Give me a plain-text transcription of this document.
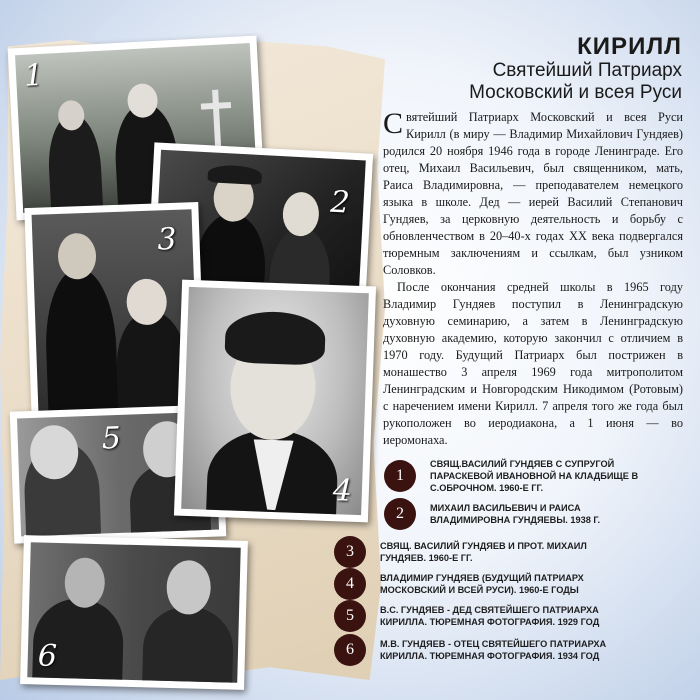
1
2
3
5
6
4
КИРИЛЛ
Святейший Патриарх
Московский и всея Руси

Святейший Патриарх Московский и всея Руси Кирилл (в миру — Владимир Михайлович Гундяев) родился 20 ноября 1946 года в городе Ленинграде. Его отец, Михаил Васильевич, был священником, мать, Раиса Владимировна, — преподавателем немецкого языка в школе. Дед — иерей Василий Степанович Гундяев, за церковную деятельность и борьбу с обновленчеством в 20–40-х годах XX века подвергался тюремным заключениям и ссылкам, был узником Соловков.

После окончания средней школы в 1965 году Владимир Гундяев поступил в Ленинградскую духовную семинарию, а затем в Ленинградскую духовную академию, которую закончил с отличием в 1970 году. Будущий Патриарх был пострижен в монашество 3 апреля 1969 года митрополитом Ленинградским и Новгородским Никодимом (Ротовым) с наречением имени Кирилл. 7 апреля того же года был рукоположен во иеродиакона, а 1 июня — во иеромонаха.

1
СВЯЩ.ВАСИЛИЙ ГУНДЯЕВ С СУПРУГОЙ ПАРАСКЕВОЙ ИВАНОВНОЙ НА КЛАДБИЩЕ В С.ОБРОЧНОМ. 1960-Е ГГ.
2	МИХАИЛ ВАСИЛЬЕВИЧ И РАИСА ВЛАДИМИРОВНА ГУНДЯЕВЫ. 1938 Г.
3	СВЯЩ. ВАСИЛИЙ ГУНДЯЕВ И ПРОТ. МИХАИЛ ГУНДЯЕВ. 1960-Е ГГ.
4	ВЛАДИМИР ГУНДЯЕВ (БУДУЩИЙ ПАТРИАРХ МОСКОВСКИЙ И ВСЕЙ РУСИ). 1960-Е ГОДЫ
5	В.С. ГУНДЯЕВ - ДЕД СВЯТЕЙШЕГО ПАТРИАРХА КИРИЛЛА. ТЮРЕМНАЯ ФОТОГРАФИЯ. 1929 ГОД
6	М.В. ГУНДЯЕВ - ОТЕЦ СВЯТЕЙШЕГО ПАТРИАРХА КИРИЛЛА. ТЮРЕМНАЯ ФОТОГРАФИЯ. 1934 ГОД
